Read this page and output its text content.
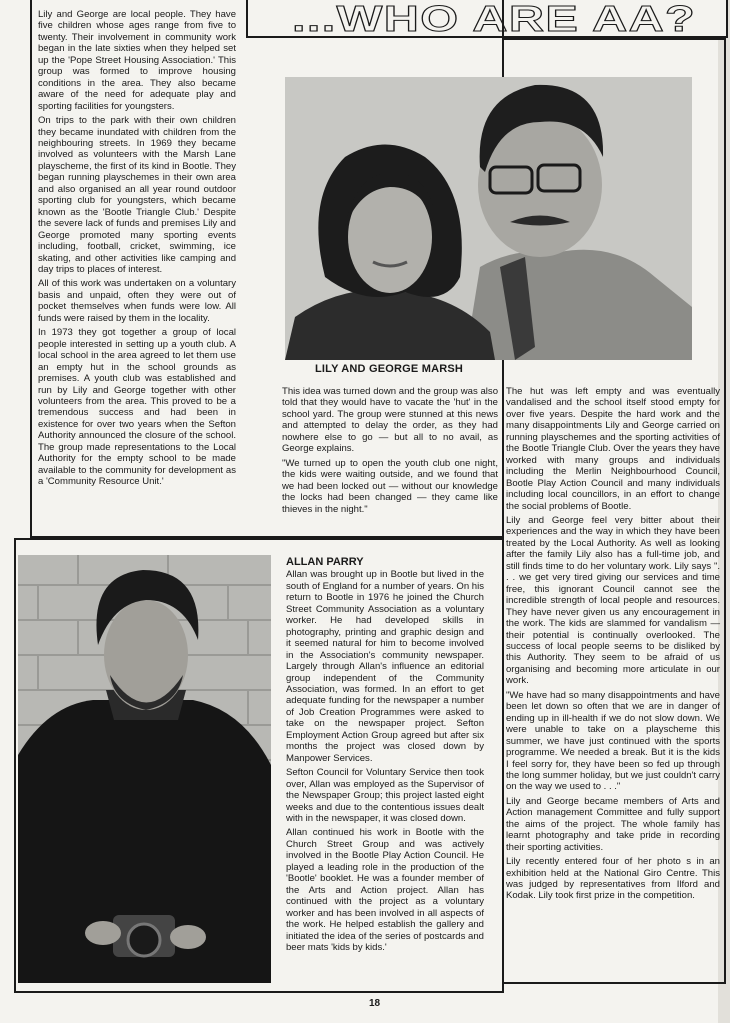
...WHO ARE AA?

Lily and George are local people. They have five children whose ages range from five to twenty. Their involvement in community work began in the late sixties when they helped set up the 'Pope Street Housing Association.' This group was formed to improve housing conditions in the area. They also became aware of the need for adequate play and sporting facilities for youngsters.

On trips to the park with their own children they became inundated with children from the neighbouring streets. In 1969 they became involved as volunteers with the Marsh Lane playscheme, the first of its kind in Bootle. They began running playschemes in their own area and also organised an all year round outdoor sporting club for youngsters, which became known as the 'Bootle Triangle Club.' Despite the severe lack of funds and premises Lily and George promoted many sporting events including, football, cricket, swimming, ice skating, and other activities like camping and day trips to places of interest.

All of this work was undertaken on a voluntary basis and unpaid, often they were out of pocket themselves when funds were low. All funds were raised by them in the locality.

In 1973 they got together a group of local people interested in setting up a youth club. A local school in the area agreed to let them use an empty hut in the school grounds as premises. A youth club was established and run by Lily and George together with other volunteers from the area. This proved to be a tremendous success and had been in existence for over two years when the Sefton Authority announced the closure of the school. The group made representations to the Local Authority for the empty school to be made available to the community for development as a 'Community Resource Unit.'

LILY AND GEORGE MARSH

This idea was turned down and the group was also told that they would have to vacate the 'hut' in the school yard. The group were stunned at this news and attempted to delay the order, as they had nowhere else to go — but all to no avail, as George explains.

"We turned up to open the youth club one night, the kids were waiting outside, and we found that we had been locked out — without our knowledge the locks had been changed — they came like thieves in the night."

The hut was left empty and was eventually vandalised and the school itself stood empty for over five years. Despite the hard work and the many disappointments Lily and George carried on running playschemes and the sporting activities of the Bootle Triangle Club. Over the years they have worked with many groups and individuals including the Merlin Neighbourhood Council, Bootle Play Action Council and many individuals including local councillors, in an effort to change the social problems of Bootle.

Lily and George feel very bitter about their experiences and the way in which they have been treated by the Local Authority. As well as looking after the family Lily also has a full-time job, and still finds time to do her voluntary work. Lily says ". . . we get very tired giving our services and time free, this ignorant Council cannot see the incredible strength of local people and resources. They have never given us any encouragement in the work. The kids are slammed for vandalism — their potential is continually overlooked. The success of local people seems to be disliked by this Authority. They seem to be afraid of us organising and becoming more articulate in our work.

"We have had so many disappointments and have been let down so often that we are in danger of ending up in ill-health if we do not slow down. We were unable to take on a playscheme this summer, we have just continued with the sports programme. We needed a break. But it is the kids I feel sorry for, they have been so fed up through the long summer holiday, but we just couldn't carry on the way we used to . . ."

Lily and George became members of Arts and Action management Committee and fully support the aims of the project. The whole family has learnt photography and take pride in recording their sporting activities.

Lily recently entered four of her photo s in an exhibition held at the National Giro Centre. This was judged by representatives from Ilford and Kodak. Lily took first prize in the competition.

ALLAN PARRY

Allan was brought up in Bootle but lived in the south of England for a number of years. On his return to Bootle in 1976 he joined the Church Street Community Association as a voluntary worker. He had developed skills in photography, printing and graphic design and it seemed natural for him to become involved in the Association's community newspaper. Largely through Allan's influence an editorial group independent of the Community Association, was formed. In an effort to get adequate funding for the newspaper a number of Job Creation Programmes were asked to take on the newspaper project. Sefton Employment Action Group agreed but after six months the project was closed down by Manpower Services.

Sefton Council for Voluntary Service then took over, Allan was employed as the Supervisor of the Newspaper Group; this project lasted eight weeks and due to the contentious issues dealt with in the newspaper, it was closed down.

Allan continued his work in Bootle with the Church Street Group and was actively involved in the Bootle Play Action Council. He played a leading role in the production of the 'Bootle' booklet. He was a founder member of the Arts and Action project. Allan has continued with the project as a voluntary worker and has been involved in all aspects of the work. He helped establish the gallery and initiated the idea of the series of postcards and beer mats 'kids by kids.'

18
